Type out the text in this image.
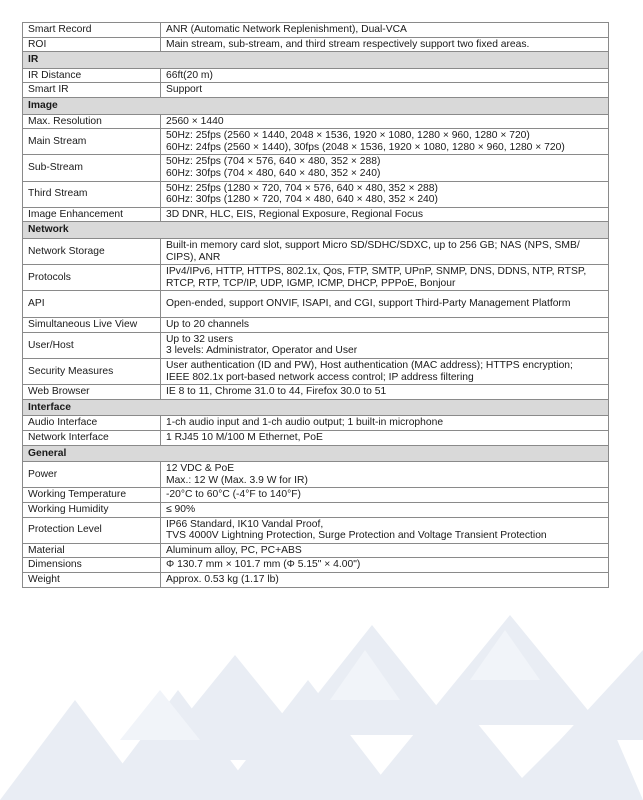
Smart Record	ANR (Automatic Network Replenishment), Dual-VCA

ROI	Main stream, sub-stream, and third stream respectively support two fixed areas.

IR	
IR Distance	66ft(20 m)

Smart IR	Support

Image	
Max. Resolution	2560 × 1440

Main Stream	50Hz: 25fps (2560 × 1440, 2048 × 1536, 1920 × 1080, 1280 × 960, 1280 × 720)
60Hz: 24fps (2560 × 1440), 30fps (2048 × 1536, 1920 × 1080, 1280 × 960, 1280 × 720)

Sub-Stream	50Hz: 25fps (704 × 576, 640 × 480, 352 × 288)
60Hz: 30fps (704 × 480, 640 × 480, 352 × 240)

Third Stream	50Hz: 25fps (1280 × 720, 704 × 576, 640 × 480, 352 × 288)
60Hz: 30fps (1280 × 720, 704 × 480, 640 × 480, 352 × 240)

Image Enhancement	3D DNR, HLC, EIS, Regional Exposure, Regional Focus

Network	
Network Storage	Built-in memory card slot, support Micro SD/SDHC/SDXC, up to 256 GB; NAS (NPS, SMB/
CIPS), ANR

Protocols	IPv4/IPv6, HTTP, HTTPS, 802.1x, Qos, FTP, SMTP, UPnP, SNMP, DNS, DDNS, NTP, RTSP,
RTCP, RTP, TCP/IP, UDP, IGMP, ICMP, DHCP, PPPoE, Bonjour

API	Open-ended, support ONVIF, ISAPI, and CGI, support Third-Party Management Platform

Simultaneous Live View	Up to 20 channels

User/Host	Up to 32 users
3 levels: Administrator, Operator and User

Security Measures	User authentication (ID and PW), Host authentication (MAC address); HTTPS encryption;
IEEE 802.1x port-based network access control; IP address filtering

Web Browser	IE 8 to 11, Chrome 31.0 to 44, Firefox 30.0 to 51

Interface	
Audio Interface	1-ch audio input and 1-ch audio output; 1 built-in microphone

Network Interface	1 RJ45 10 M/100 M Ethernet, PoE

General	
Power	12 VDC & PoE
Max.: 12 W (Max. 3.9 W for IR)

Working Temperature	-20°C to 60°C (-4°F to 140°F)

Working Humidity	≤ 90%

Protection Level	IP66 Standard, IK10 Vandal Proof,
TVS 4000V Lightning Protection, Surge Protection and Voltage Transient Protection

Material	Aluminum alloy, PC, PC+ABS

Dimensions	Φ 130.7 mm × 101.7 mm (Φ 5.15" × 4.00")

Weight	Approx. 0.53 kg (1.17 lb)
